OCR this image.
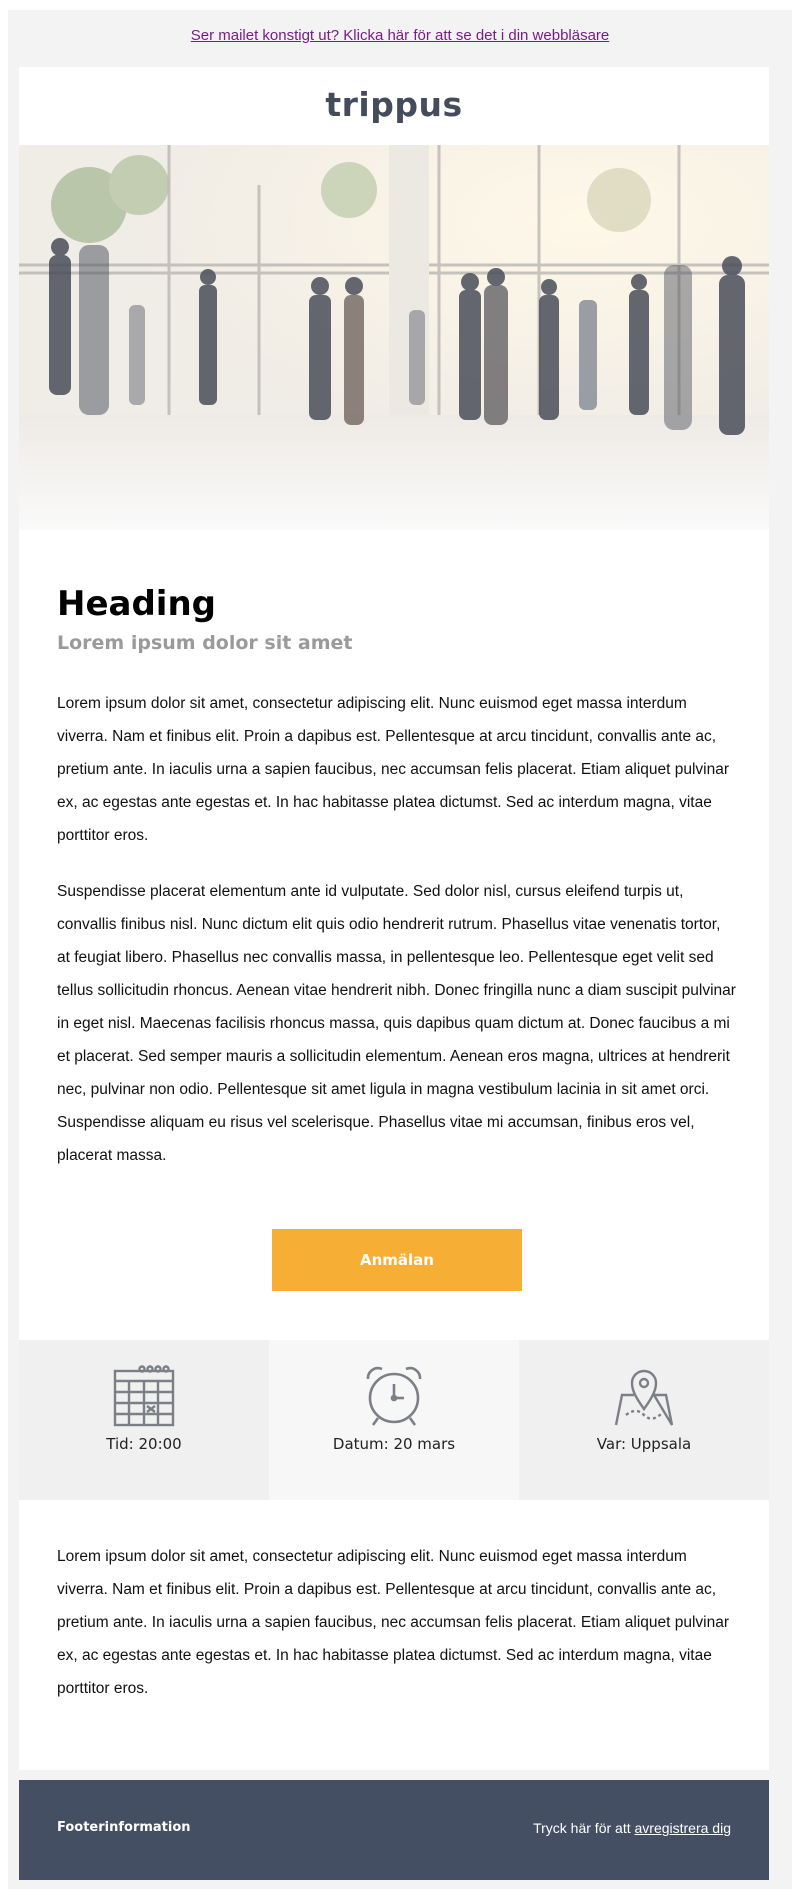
Ser mailet konstigt ut? Klicka här för att se det i din webbläsare
trippus
Heading
Lorem ipsum dolor sit amet

Lorem ipsum dolor sit amet, consectetur adipiscing elit. Nunc euismod eget massa interdum viverra. Nam et finibus elit. Proin a dapibus est. Pellentesque at arcu tincidunt, convallis ante ac, pretium ante. In iaculis urna a sapien faucibus, nec accumsan felis placerat. Etiam aliquet pulvinar ex, ac egestas ante egestas et. In hac habitasse platea dictumst. Sed ac interdum magna, vitae porttitor eros.

Suspendisse placerat elementum ante id vulputate. Sed dolor nisl, cursus eleifend turpis ut, convallis finibus nisl. Nunc dictum elit quis odio hendrerit rutrum. Phasellus vitae venenatis tortor, at feugiat libero. Phasellus nec convallis massa, in pellentesque leo. Pellentesque eget velit sed tellus sollicitudin rhoncus. Aenean vitae hendrerit nibh. Donec fringilla nunc a diam suscipit pulvinar in eget nisl. Maecenas facilisis rhoncus massa, quis dapibus quam dictum at. Donec faucibus a mi et placerat. Sed semper mauris a sollicitudin elementum. Aenean eros magna, ultrices at hendrerit nec, pulvinar non odio. Pellentesque sit amet ligula in magna vestibulum lacinia in sit amet orci. Suspendisse aliquam eu risus vel scelerisque. Phasellus vitae mi accumsan, finibus eros vel, placerat massa.

Anmälan
Tid: 20:00	Datum: 20 mars	Var: Uppsala

Lorem ipsum dolor sit amet, consectetur adipiscing elit. Nunc euismod eget massa interdum viverra. Nam et finibus elit. Proin a dapibus est. Pellentesque at arcu tincidunt, convallis ante ac, pretium ante. In iaculis urna a sapien faucibus, nec accumsan felis placerat. Etiam aliquet pulvinar ex, ac egestas ante egestas et. In hac habitasse platea dictumst. Sed ac interdum magna, vitae porttitor eros.

Footerinformation	Tryck här för att avregistrera dig
